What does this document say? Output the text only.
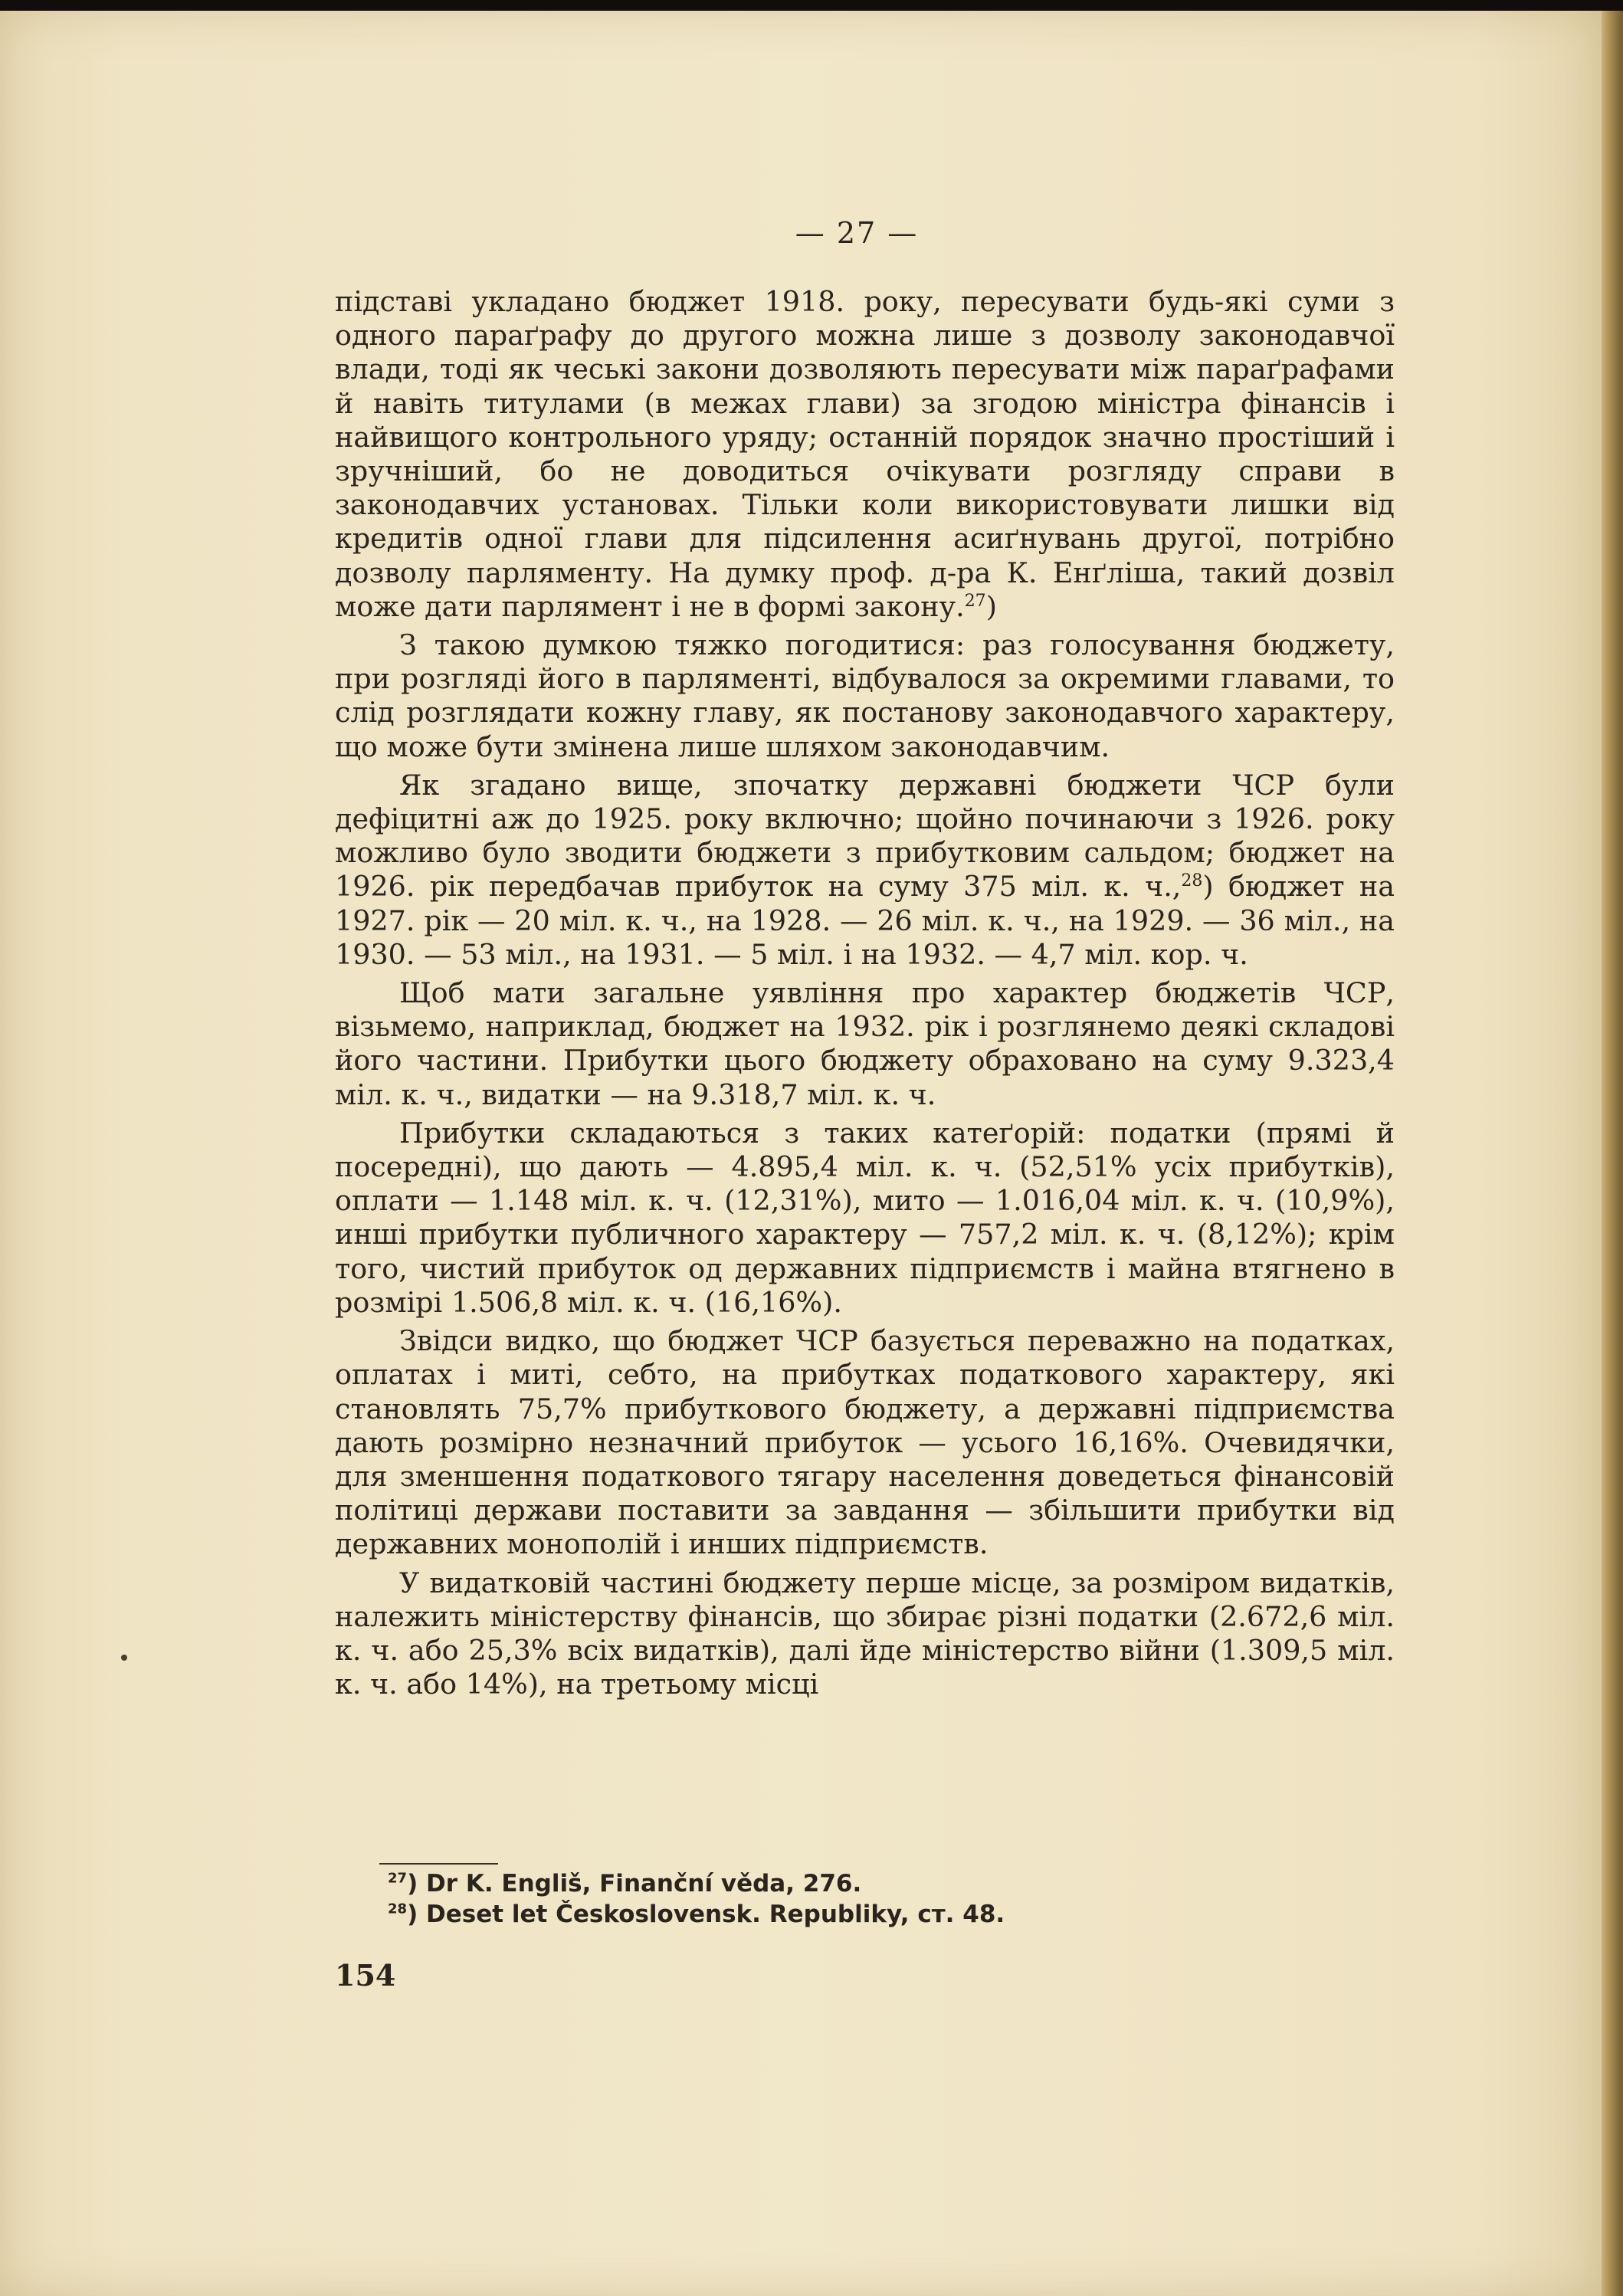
— 27 —

підставі укладано бюджет 1918. року, пересувати будь-які суми з одного параґрафу до другого можна лише з дозволу законодавчої влади, тоді як чеські закони дозволяють пересувати між параґрафами й навіть титулами (в межах глави) за згодою міністра фінансів і найвищого контрольного уряду; останній порядок значно простіший і зручніший, бо не доводиться очікувати розгляду справи в законодавчих установах. Тільки коли використовувати лишки від кредитів одної глави для підсилення асиґнувань другої, потрібно дозволу парляменту. На думку проф. д-ра К. Енґліша, такий дозвіл може дати парлямент і не в формі закону.$^{27}$)

З такою думкою тяжко погодитися: раз голосування бюджету, при розгляді його в парляменті, відбувалося за окремими главами, то слід розглядати кожну главу, як постанову законодавчого характеру, що може бути змінена лише шляхом законодавчим.

Як згадано вище, зпочатку державні бюджети ЧСР були дефіцитні аж до 1925. року включно; щойно починаючи з 1926. року можливо було зводити бюджети з прибутковим сальдом; бюджет на 1926. рік передбачав прибуток на суму 375 міл. к. ч.,$^{28}$) бюджет на 1927. рік — 20 міл. к. ч., на 1928. — 26 міл. к. ч., на 1929. — 36 міл., на 1930. — 53 міл., на 1931. — 5 міл. і на 1932. — 4,7 міл. кор. ч.

Щоб мати загальне уявління про характер бюджетів ЧСР, візьмемо, наприклад, бюджет на 1932. рік і розглянемо деякі складові його частини. Прибутки цього бюджету обраховано на суму 9.323,4 міл. к. ч., видатки — на 9.318,7 міл. к. ч.

Прибутки складаються з таких катеґорій: податки (прямі й посередні), що дають — 4.895,4 міл. к. ч. (52,51% усіх прибутків), оплати — 1.148 міл. к. ч. (12,31%), мито — 1.016,04 міл. к. ч. (10,9%), инші прибутки публичного характеру — 757,2 міл. к. ч. (8,12%); крім того, чистий прибуток од державних підприємств і майна втягнено в розмірі 1.506,8 міл. к. ч. (16,16%).

Звідси видко, що бюджет ЧСР базується переважно на податках, оплатах і миті, себто, на прибутках податкового характеру, які становлять 75,7% прибуткового бюджету, а державні підприємства дають розмірно незначний прибуток — усього 16,16%. Очевидячки, для зменшення податкового тягару населення доведеться фінансовій політиці держави поставити за завдання — збільшити прибутки від державних монополій і инших підприємств.

У видатковій частині бюджету перше місце, за розміром видатків, належить міністерству фінансів, що збирає різні податки (2.672,6 міл. к. ч. або 25,3% всіх видатків), далі йде міністерство війни (1.309,5 міл. к. ч. або 14%), на третьому місці

$^{27}$) Dr K. Engliš, Finanční věda, 276.
$^{28}$) Deset let Československ. Republiky, ст. 48.
154
